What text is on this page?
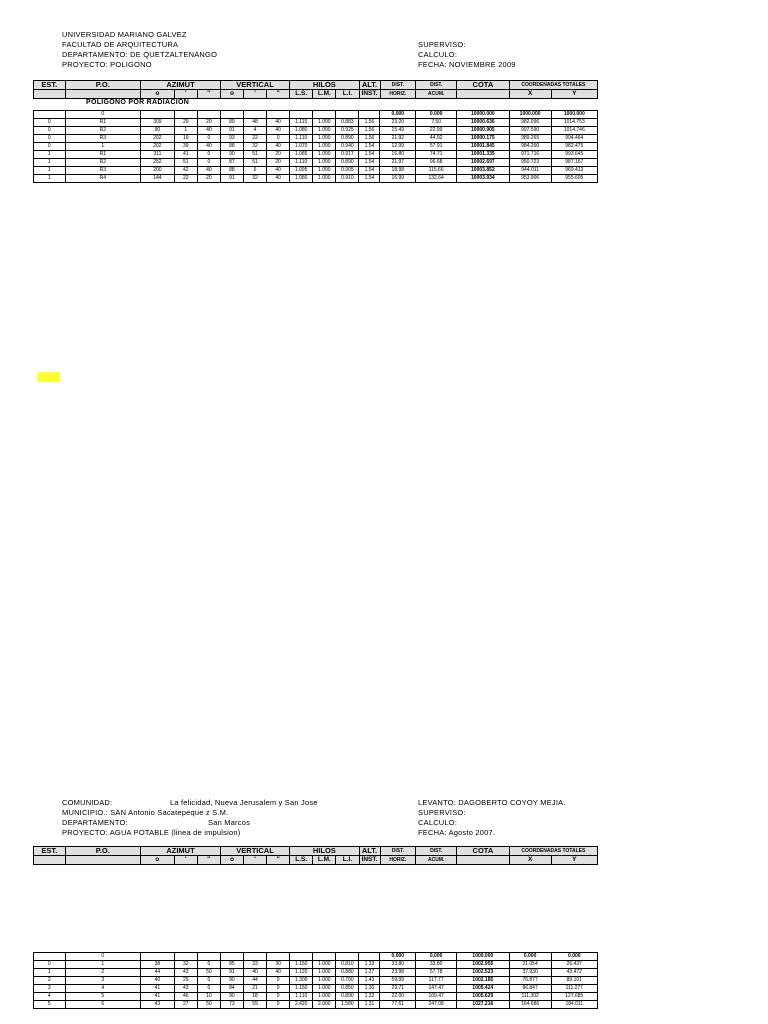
UNIVERSIDAD MARIANO GALVEZ
FACULTAD DE ARQUITECTURA
DEPARTAMENTO: DE QUETZALTENANGO
PROYECTO: POLIGONO
SUPERVISO:
CALCULO:
FECHA: NOVIEMBRE 2009
EST.	P.O.	AZIMUT			VERTICAL			HILOS			ALT.	DIST.	DIST.	COTA	COORDENADAS TOTALES	
		o	'	''	o	'	''	L.S.	L.M.	L.I.	INST.	HORIZ.	ACUM.		X	Y
POLIGONO POR RADIACION
	0											0.000	0.000	10000.000	1000.000	1000.000
0	R1	309	29	20	89	48	40	1.115	1.000	0.883	1.56	23.20	7.50	10000.636	982.096	1014.753
0	R2	90	1	40	91	4	40	1.080	1.000	0.925	1.56	15.49	22.99	10000.905	997.590	1014.746
0	R3	202	19	0	93	22	0	1.110	1.000	0.890	1.56	21.92	44.92	10000.175	989.265	994.464
0	1	202	39	40	88	32	40	1.070	1.000	0.940	1.54	12.99	57.91	10001.845	984.260	982.475
1	R1	311	41	0	90	51	20	1.085	1.000	0.917	1.54	16.80	74.71	10001.335	971.716	993.645
1	R2	252	51	0	87	51	20	1.110	1.000	0.890	1.54	21.97	96.68	10002.697	950.723	987.167
1	R3	200	42	40	88	6	40	1.095	1.000	0.905	1.54	18.98	115.66	10003.852	944.011	969.413
1	R4	144	22	20	91	32	40	1.080	1.000	0.910	1.54	16.99	132.64	10003.934	953.906	955.605
COMUNIDAD:	La felicidad, Nueva Jerusalem y San Jose
MUNICIPIO.: SAN Antonio Sacatepeque z S.M.
DEPARTAMENTO:	San Marcos
PROYECTO: AGUA POTABLE (linea de impulsion)
LEVANTO: DAGOBERTO COYOY MEJIA.
SUPERVISO:
CALCULO:
FECHA: Agosto 2007.
EST.	P.O.	AZIMUT			VERTICAL			HILOS			ALT.	DIST.	DIST.	COTA	COORDENADAS TOTALES	
		o	'	''	o	'	''	L.S.	L.M.	L.I.	INST.	HORIZ.	ACUM.		X	Y
	0											0.000	0.000	1000.000	0.000	0.000
0	1	38	32	0	85	33	30	1.150	1.000	0.810	1.33	33.80	33.80	1002.955	21.054	26.437
1	2	44	43	50	91	40	40	1.120	1.000	0.880	1.27	23.98	57.78	1002.523	37.930	43.472
2	3	40	29	0	90	44	0	1.300	1.000	0.700	1.43	59.99	117.77	1002.185	76.877	89.101
3	4	41	43	0	84	21	0	1.150	1.000	0.850	1.30	29.71	147.47	1005.424	96.847	111.277
4	5	41	46	10	90	18	0	1.110	1.000	0.890	1.32	22.00	169.47	1005.629	111.302	127.685
5	6	43	27	50	73	59	0	2.420	2.000	1.580	1.31	77.61	247.08	1027.216	164.686	184.011
